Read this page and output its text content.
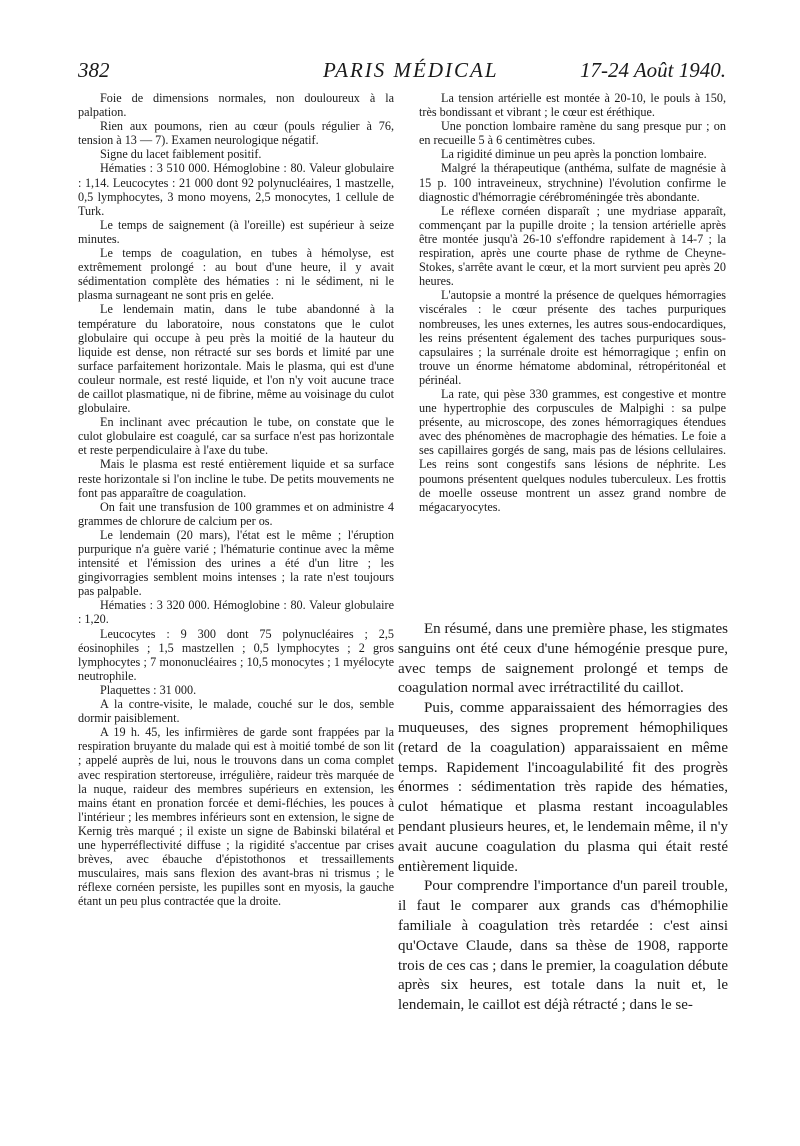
382	PARIS MÉDICAL	17-24 Août 1940.

Foie de dimensions normales, non douloureux à la palpation.

Rien aux poumons, rien au cœur (pouls régulier à 76, tension à 13 — 7). Examen neurologique négatif.

Signe du lacet faiblement positif.

Hématies : 3 510 000. Hémoglobine : 80. Valeur globulaire : 1,14. Leucocytes : 21 000 dont 92 polynucléaires, 1 mastzelle, 0,5 lymphocytes, 3 mono moyens, 2,5 monocytes, 1 cellule de Turk.

Le temps de saignement (à l'oreille) est supérieur à seize minutes.

Le temps de coagulation, en tubes à hémolyse, est extrêmement prolongé : au bout d'une heure, il y avait sédimentation complète des hématies : ni le sédiment, ni le plasma surnageant ne sont pris en gelée.

Le lendemain matin, dans le tube abandonné à la température du laboratoire, nous constatons que le culot globulaire qui occupe à peu près la moitié de la hauteur du liquide est dense, non rétracté sur ses bords et limité par une surface parfaitement horizontale. Mais le plasma, qui est d'une couleur normale, est resté liquide, et l'on n'y voit aucune trace de caillot plasmatique, ni de fibrine, même au voisinage du culot globulaire.

En inclinant avec précaution le tube, on constate que le culot globulaire est coagulé, car sa surface n'est pas horizontale et reste perpendiculaire à l'axe du tube.

Mais le plasma est resté entièrement liquide et sa surface reste horizontale si l'on incline le tube. De petits mouvements ne font pas apparaître de coagulation.

On fait une transfusion de 100 grammes et on administre 4 grammes de chlorure de calcium per os.

Le lendemain (20 mars), l'état est le même ; l'éruption purpurique n'a guère varié ; l'hématurie continue avec la même intensité et l'émission des urines a été d'un litre ; les gingivorragies semblent moins intenses ; la rate n'est toujours pas palpable.

Hématies : 3 320 000. Hémoglobine : 80. Valeur globulaire : 1,20.

Leucocytes : 9 300 dont 75 polynucléaires ; 2,5 éosinophiles ; 1,5 mastzellen ; 0,5 lymphocytes ; 2 gros lymphocytes ; 7 mononucléaires ; 10,5 monocytes ; 1 myélocyte neutrophile.

Plaquettes : 31 000.

A la contre-visite, le malade, couché sur le dos, semble dormir paisiblement.

A 19 h. 45, les infirmières de garde sont frappées par la respiration bruyante du malade qui est à moitié tombé de son lit ; appelé auprès de lui, nous le trouvons dans un coma complet avec respiration stertoreuse, irrégulière, raideur très marquée de la nuque, raideur des membres supérieurs en extension, les mains étant en pronation forcée et demi-fléchies, les pouces à l'intérieur ; les membres inférieurs sont en extension, le signe de Kernig très marqué ; il existe un signe de Babinski bilatéral et une hyperréflectivité diffuse ; la rigidité s'accentue par crises brèves, avec ébauche d'épistothonos et tressaillements musculaires, mais sans flexion des avant-bras ni trismus ; le réflexe cornéen persiste, les pupilles sont en myosis, la gauche étant un peu plus contractée que la droite.

La tension artérielle est montée à 20-10, le pouls à 150, très bondissant et vibrant ; le cœur est éréthique.

Une ponction lombaire ramène du sang presque pur ; on en recueille 5 à 6 centimètres cubes.

La rigidité diminue un peu après la ponction lombaire.

Malgré la thérapeutique (anthéma, sulfate de magnésie à 15 p. 100 intraveineux, strychnine) l'évolution confirme le diagnostic d'hémorragie cérébroméningée très abondante.

Le réflexe cornéen disparaît ; une mydriase apparaît, commençant par la pupille droite ; la tension artérielle après être montée jusqu'à 26-10 s'effondre rapidement à 14-7 ; la respiration, après une courte phase de rythme de Cheyne-Stokes, s'arrête avant le cœur, et la mort survient peu après 20 heures.

L'autopsie a montré la présence de quelques hémorragies viscérales : le cœur présente des taches purpuriques nombreuses, les unes externes, les autres sous-endocardiques, les reins présentent également des taches purpuriques sous-capsulaires ; la surrénale droite est hémorragique ; enfin on trouve un énorme hématome abdominal, rétropéritonéal et périnéal.

La rate, qui pèse 330 grammes, est congestive et montre une hypertrophie des corpuscules de Malpighi : sa pulpe présente, au microscope, des zones hémorragiques étendues avec des phénomènes de macrophagie des hématies. Le foie a ses capillaires gorgés de sang, mais pas de lésions cellulaires. Les reins sont congestifs sans lésions de néphrite. Les poumons présentent quelques nodules tuberculeux. Les frottis de moelle osseuse montrent un assez grand nombre de mégacaryocytes.

En résumé, dans une première phase, les stigmates sanguins ont été ceux d'une hémogénie presque pure, avec temps de saignement prolongé et temps de coagulation normal avec irrétractilité du caillot.

Puis, comme apparaissaient des hémorragies des muqueuses, des signes proprement hémophiliques (retard de la coagulation) apparaissaient en même temps. Rapidement l'incoagulabilité fit des progrès énormes : sédimentation très rapide des hématies, culot hématique et plasma restant incoagulables pendant plusieurs heures, et, le lendemain même, il n'y avait aucune coagulation du plasma qui était resté entièrement liquide.

Pour comprendre l'importance d'un pareil trouble, il faut le comparer aux grands cas d'hémophilie familiale à coagulation très retardée : c'est ainsi qu'Octave Claude, dans sa thèse de 1908, rapporte trois de ces cas ; dans le premier, la coagulation débute après six heures, est totale dans la nuit et, le lendemain, le caillot est déjà rétracté ; dans le se-
